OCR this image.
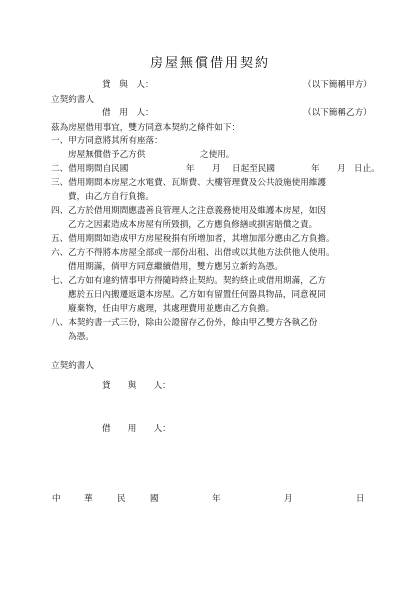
房屋無償借用契約
貸　與　人：	（以下簡稱甲方）
立契約書人
借　用　人：	（以下簡稱乙方）
茲為房屋借用事宜，雙方同意本契約之條件如下：
一、甲方同意將其所有座落：
房屋無償借予乙方供	之使用。
二、借用期間自民國	年 月 日起至民國	年 月 日止。
三、借用期間本房屋之水電費、瓦斯費、大樓管理費及公共設施使用維護
費，由乙方自行負擔。
四、乙方於借用期間應盡善良管理人之注意義務使用及維護本房屋，如因
乙方之因素造成本房屋有所毀損，乙方應負修繕或損害賠償之責。
五、借用期間如造成甲方房屋稅捐有所增加者，其增加部分應由乙方負擔。
六、乙方不得將本房屋全部或一部份出租、出借或以其他方法供他人使用。
借用期滿，倘甲方同意繼續借用，雙方應另立新約為憑。
七、乙方如有違約情事甲方得隨時終止契約。契約終止或借用期滿，乙方
應於五日內搬遷返還本房屋。乙方如有留置任何器具物品，同意視同
廢棄物，任由甲方處理，其處理費用並應由乙方負擔。
八、本契約書一式三份，除由公證留存乙份外，餘由甲乙雙方各執乙份
為憑。
立契約書人
貸　　與　　人：
借　　用　　人：
中	華	民	國	年	月	日
